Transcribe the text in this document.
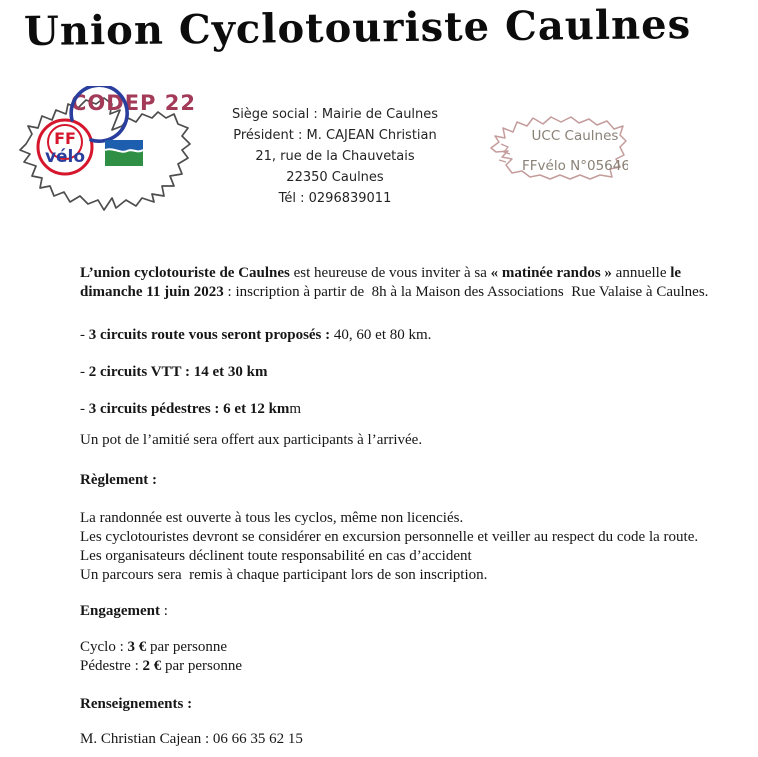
Union Cyclotouriste Caulnes
CODEP 22
FF
vélo
Siège social : Mairie de Caulnes
Président : M. CAJEAN Christian
21, rue de la Chauvetais
22350 Caulnes
Tél : 0296839011
UCC Caulnes
FFvélo N°05646

L’union cyclotouriste de Caulnes est heureuse de vous inviter à sa « matinée randos » annuelle le
dimanche 11 juin 2023 : inscription à partir de  8h à la Maison des Associations  Rue Valaise à Caulnes.

- 3 circuits route vous seront proposés : 40, 60 et 80 km.

- 2 circuits VTT : 14 et 30 km

- 3 circuits pédestres : 6 et 12 kmm

Un pot de l’amitié sera offert aux participants à l’arrivée.

Règlement :

La randonnée est ouverte à tous les cyclos, même non licenciés.
Les cyclotouristes devront se considérer en excursion personnelle et veiller au respect du code la route.
Les organisateurs déclinent toute responsabilité en cas d’accident
Un parcours sera  remis à chaque participant lors de son inscription.

Engagement :

Cyclo : 3 € par personne
Pédestre : 2 € par personne

Renseignements :

M. Christian Cajean : 06 66 35 62 15
